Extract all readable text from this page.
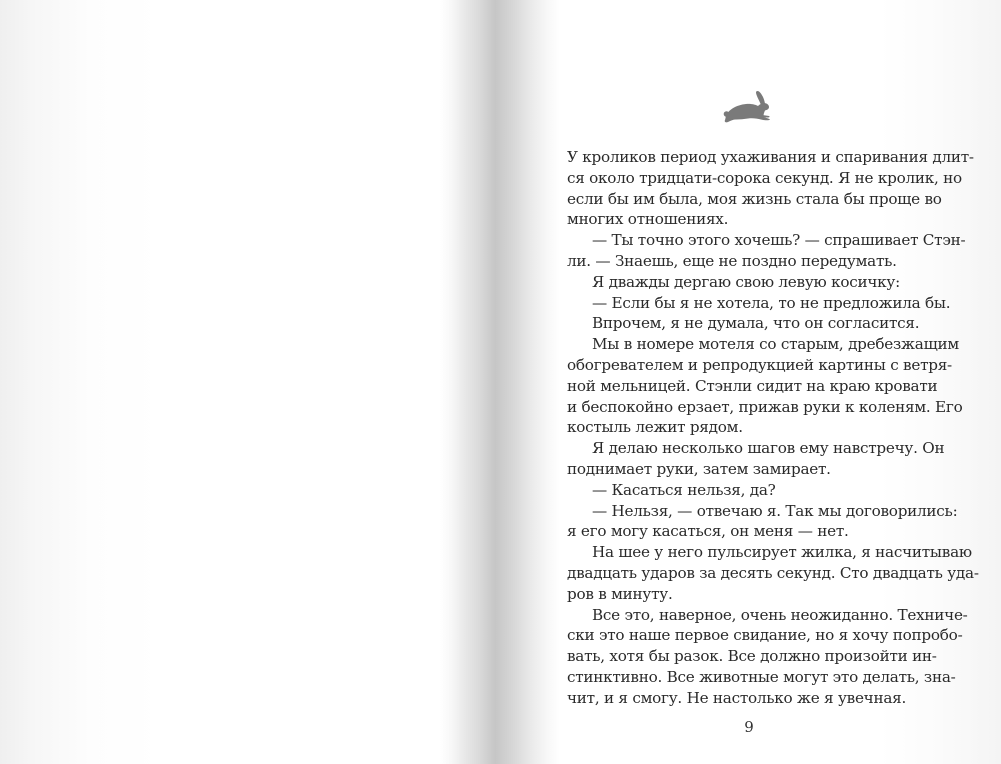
У кроликов период ухаживания и спаривания длит-
ся около тридцати-сорока секунд. Я не кролик, но
если бы им была, моя жизнь стала бы проще во
многих отношениях.
— Ты точно этого хочешь? — спрашивает Стэн-
ли. — Знаешь, еще не поздно передумать.
Я дважды дергаю свою левую косичку:
— Если бы я не хотела, то не предложила бы.
Впрочем, я не думала, что он согласится.
Мы в номере мотеля со старым, дребезжащим
обогревателем и репродукцией картины с ветря-
ной мельницей. Стэнли сидит на краю кровати
и беспокойно ерзает, прижав руки к коленям. Его
костыль лежит рядом.
Я делаю несколько шагов ему навстречу. Он
поднимает руки, затем замирает.
— Касаться нельзя, да?
— Нельзя, — отвечаю я. Так мы договорились:
я его могу касаться, он меня — нет.
На шее у него пульсирует жилка, я насчитываю
двадцать ударов за десять секунд. Сто двадцать уда-
ров в минуту.
Все это, наверное, очень неожиданно. Техниче-
ски это наше первое свидание, но я хочу попробо-
вать, хотя бы разок. Все должно произойти ин-
стинктивно. Все животные могут это делать, зна-
чит, и я смогу. Не настолько же я увечная.
9
